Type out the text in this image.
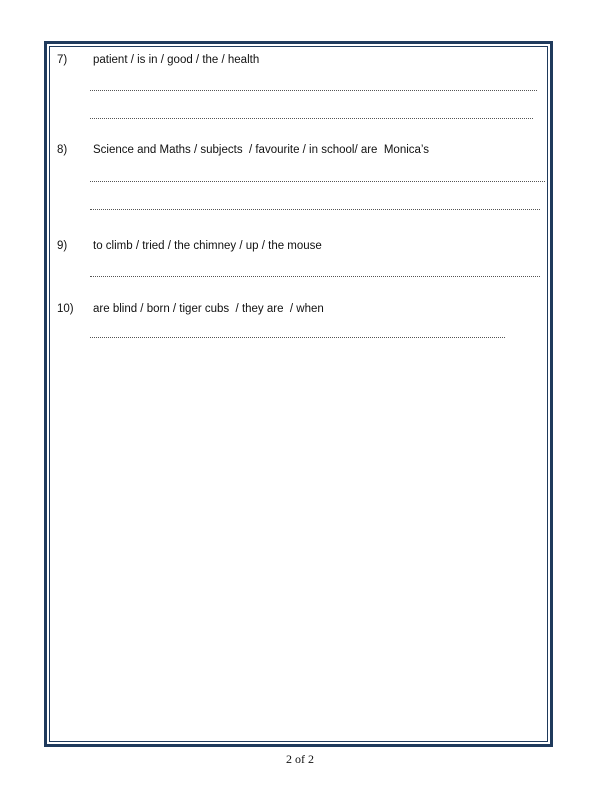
7) patient / is in / good / the / health
8) Science and Maths / subjects  / favourite / in school/ are  Monica’s
9) to climb / tried / the chimney / up / the mouse
10) are blind / born / tiger cubs  / they are  / when
2 of 2
